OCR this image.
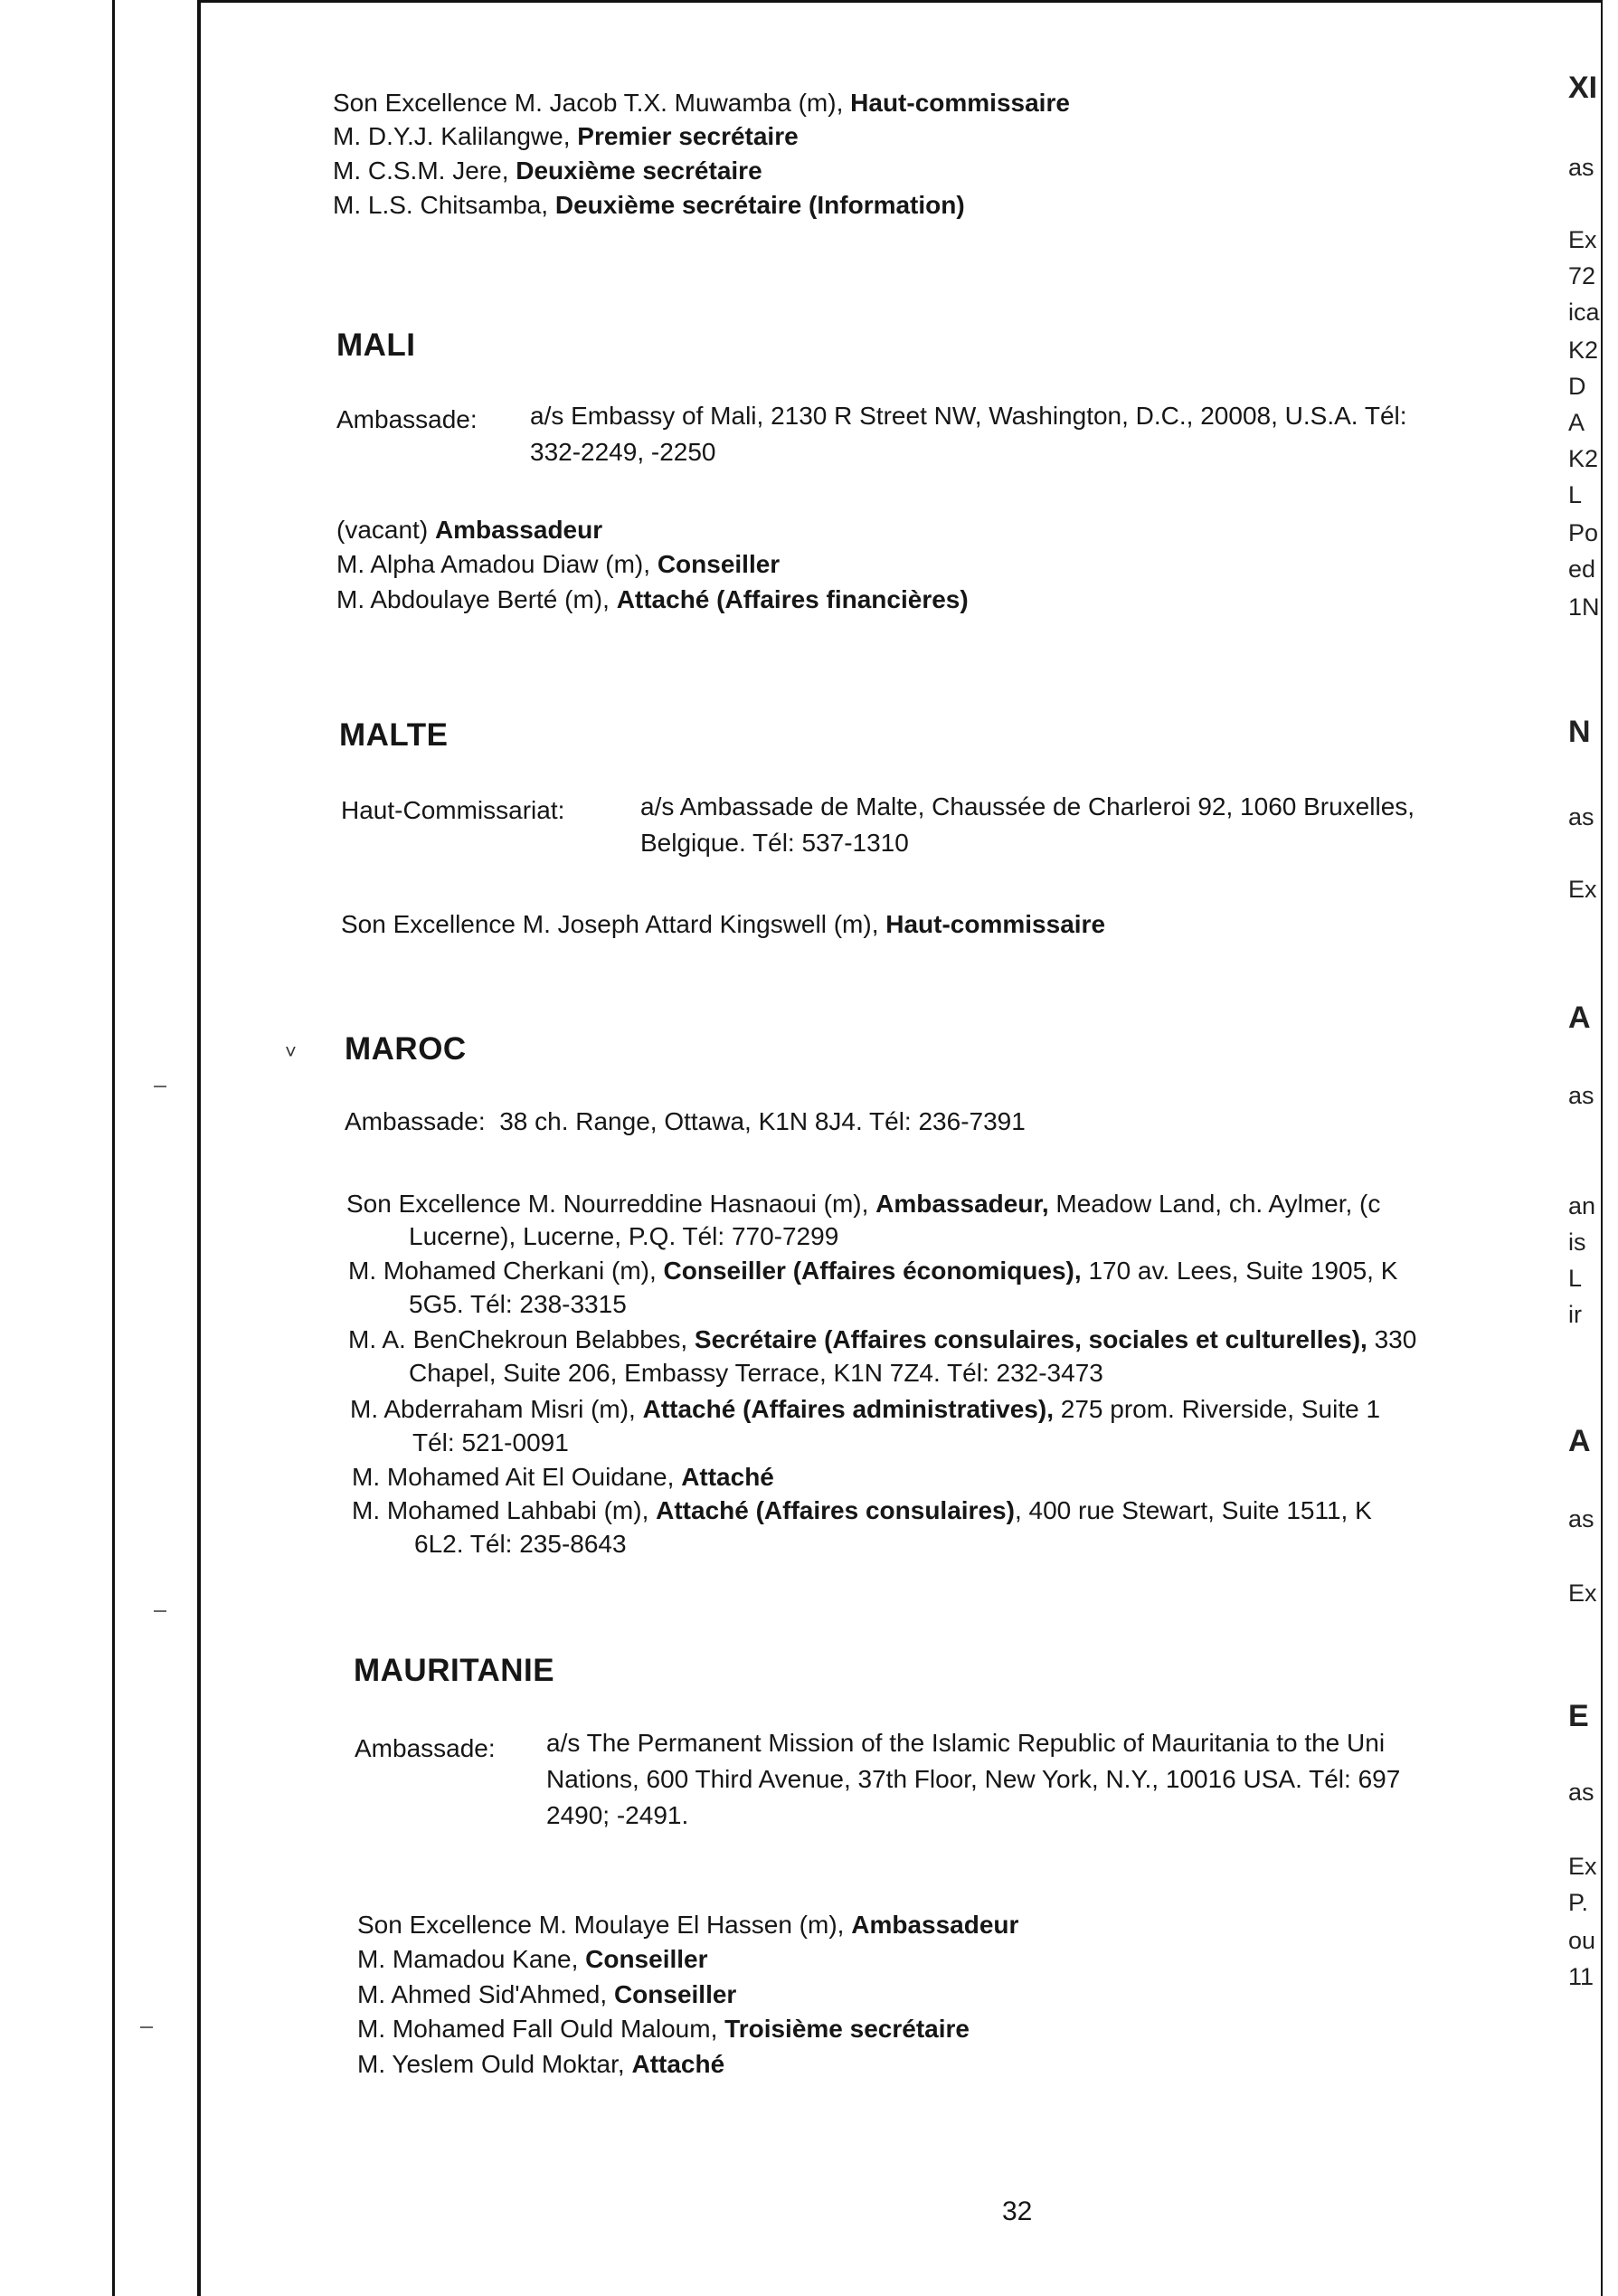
˅
Son Excellence M. Jacob T.X. Muwamba (m), Haut-commissaire
M. D.Y.J. Kalilangwe, Premier secrétaire
M. C.S.M. Jere, Deuxième secrétaire
M. L.S. Chitsamba, Deuxième secrétaire (Information)
MALI
Ambassade: a/s Embassy of Mali, 2130 R Street NW, Washington, D.C., 20008, U.S.A. Tél:
332-2249, -2250
(vacant) Ambassadeur
M. Alpha Amadou Diaw (m), Conseiller
M. Abdoulaye Berté (m), Attaché (Affaires financières)
MALTE
Haut-Commissariat:	a/s Ambassade de Malte, Chaussée de Charleroi 92, 1060 Bruxelles,
Belgique. Tél: 537-1310
Son Excellence M. Joseph Attard Kingswell (m), Haut-commissaire
MAROC
Ambassade: 38 ch. Range, Ottawa, K1N 8J4. Tél: 236-7391
Son Excellence M. Nourreddine Hasnaoui (m), Ambassadeur, Meadow Land, ch. Aylmer, (c
Lucerne), Lucerne, P.Q. Tél: 770-7299
M. Mohamed Cherkani (m), Conseiller (Affaires économiques), 170 av. Lees, Suite 1905, K
5G5. Tél: 238-3315
M. A. BenChekroun Belabbes, Secrétaire (Affaires consulaires, sociales et culturelles), 330
Chapel, Suite 206, Embassy Terrace, K1N 7Z4. Tél: 232-3473
M. Abderraham Misri (m), Attaché (Affaires administratives), 275 prom. Riverside, Suite 1
Tél: 521-0091
M. Mohamed Ait El Ouidane, Attaché
M. Mohamed Lahbabi (m), Attaché (Affaires consulaires), 400 rue Stewart, Suite 1511, K
6L2. Tél: 235-8643
MAURITANIE
Ambassade: a/s The Permanent Mission of the Islamic Republic of Mauritania to the Uni
Nations, 600 Third Avenue, 37th Floor, New York, N.Y., 10016 USA. Tél: 697
2490; -2491.
Son Excellence M. Moulaye El Hassen (m), Ambassadeur
M. Mamadou Kane, Conseiller
M. Ahmed Sid'Ahmed, Conseiller
M. Mohamed Fall Ould Maloum, Troisième secrétaire
M. Yeslem Ould Moktar, Attaché
XI
as
Ex
72
ica
K2
D
A
K2
L
Po
ed
1N
N
as
Ex
A
as
an
is
L
ir
A
as
Ex
E
as
Ex
P.
ou
11
32
